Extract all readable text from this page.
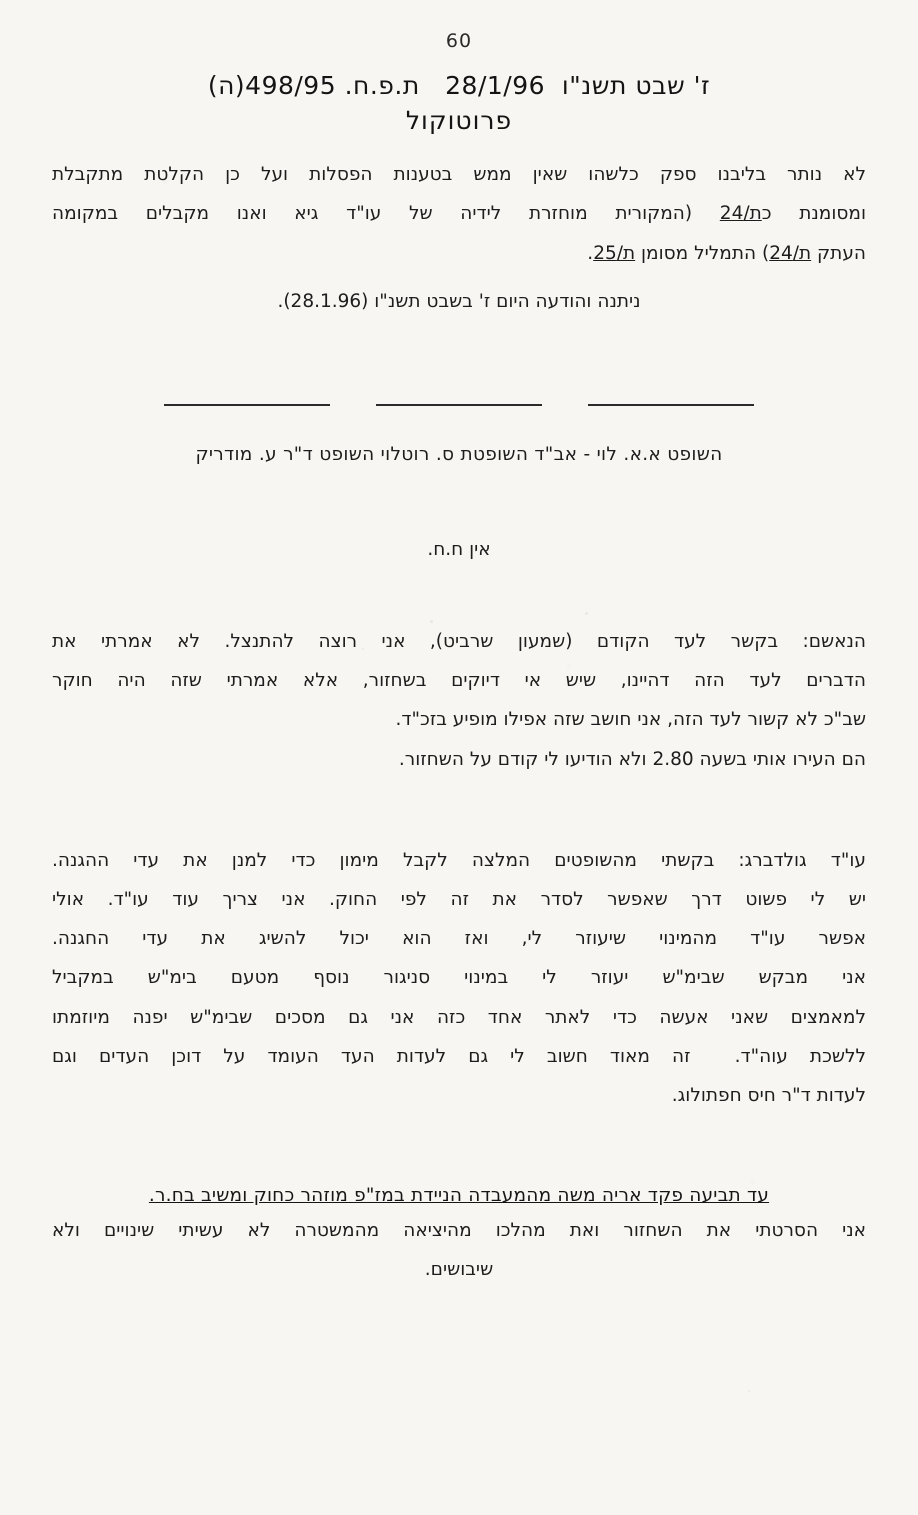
60
ז' שבט תשנ"ו  28/1/96   ת.פ.ח. 498/95(ה)
פרוטוקול
לא נותר בליבנו ספק כלשהו שאין ממש בטענות הפסלות ועל כן הקלטת מתקבלת
ומסומנת כת/24 (המקורית מוחזרת לידיה של עו"ד גיא ואנו מקבלים במקומה
העתק ת/24) התמליל מסומן ת/25.
ניתנה והודעה היום ז' בשבט תשנ"ו (28.1.96).
השופט א.א. לוי - אב"ד השופטת ס. רוטלוי השופט ד"ר ע. מודריק
אין ח.ח.
הנאשם: בקשר לעד הקודם (שמעון שרביט), אני רוצה להתנצל. לא אמרתי את
הדברים לעד הזה דהיינו, שיש אי דיוקים בשחזור, אלא אמרתי שזה היה חוקר
שב"כ לא קשור לעד הזה, אני חושב שזה אפילו מופיע בזכ"ד.
הם העירו אותי בשעה 2.80 ולא הודיעו לי קודם על השחזור.
עו"ד גולדברג: בקשתי מהשופטים המלצה לקבל מימון כדי למנן את עדי ההגנה.
יש לי פשוט דרך שאפשר לסדר את זה לפי החוק. אני צריך עוד עו"ד. אולי
אפשר עו"ד מהמינוי שיעוזר לי, ואז הוא יכול להשיג את עדי החגנה.
אני מבקש שבימ"ש יעוזר לי במינוי סניגור נוסף מטעם בימ"ש במקביל
למאמצים שאני אעשה כדי לאתר אחד כזה אני גם מסכים שבימ"ש יפנה מיוזמתו
ללשכת עוה"ד.  זה מאוד חשוב לי גם לעדות העד העומד על דוכן העדים וגם
לעדות ד"ר חיס חפתולוג.
עד תביעה פקד אריה משה מהמעבדה הניידת במז"פ מוזהר כחוק ומשיב בח.ר.
אני הסרטתי את השחזור ואת מהלכו מהיציאה מהמשטרה לא עשיתי שינויים ולא
שיבושים.
